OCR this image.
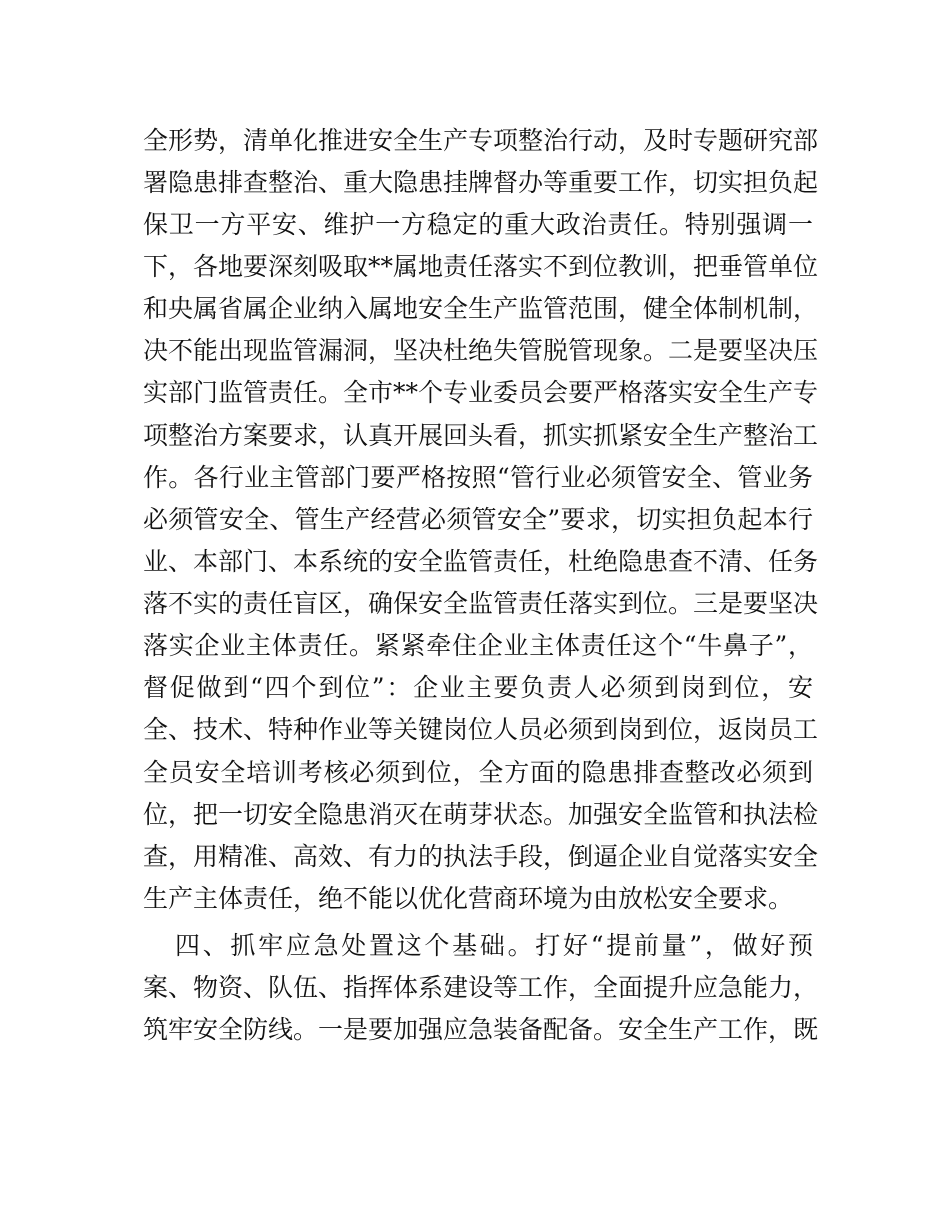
全形势，清单化推进安全生产专项整治行动，及时专题研究部
署隐患排查整治、重大隐患挂牌督办等重要工作，切实担负起
保卫一方平安、维护一方稳定的重大政治责任。特别强调一
下，各地要深刻吸取**属地责任落实不到位教训，把垂管单位
和央属省属企业纳入属地安全生产监管范围，健全体制机制，
决不能出现监管漏洞，坚决杜绝失管脱管现象。二是要坚决压
实部门监管责任。全市**个专业委员会要严格落实安全生产专
项整治方案要求，认真开展回头看，抓实抓紧安全生产整治工
作。各行业主管部门要严格按照“管行业必须管安全、管业务
必须管安全、管生产经营必须管安全”要求，切实担负起本行
业、本部门、本系统的安全监管责任，杜绝隐患查不清、任务
落不实的责任盲区，确保安全监管责任落实到位。三是要坚决
落实企业主体责任。紧紧牵住企业主体责任这个“牛鼻子”，
督促做到“四个到位”：企业主要负责人必须到岗到位，安
全、技术、特种作业等关键岗位人员必须到岗到位，返岗员工
全员安全培训考核必须到位，全方面的隐患排查整改必须到
位，把一切安全隐患消灭在萌芽状态。加强安全监管和执法检
查，用精准、高效、有力的执法手段，倒逼企业自觉落实安全
生产主体责任，绝不能以优化营商环境为由放松安全要求。
四、抓牢应急处置这个基础。打好“提前量”，做好预
案、物资、队伍、指挥体系建设等工作，全面提升应急能力，
筑牢安全防线。一是要加强应急装备配备。安全生产工作，既
